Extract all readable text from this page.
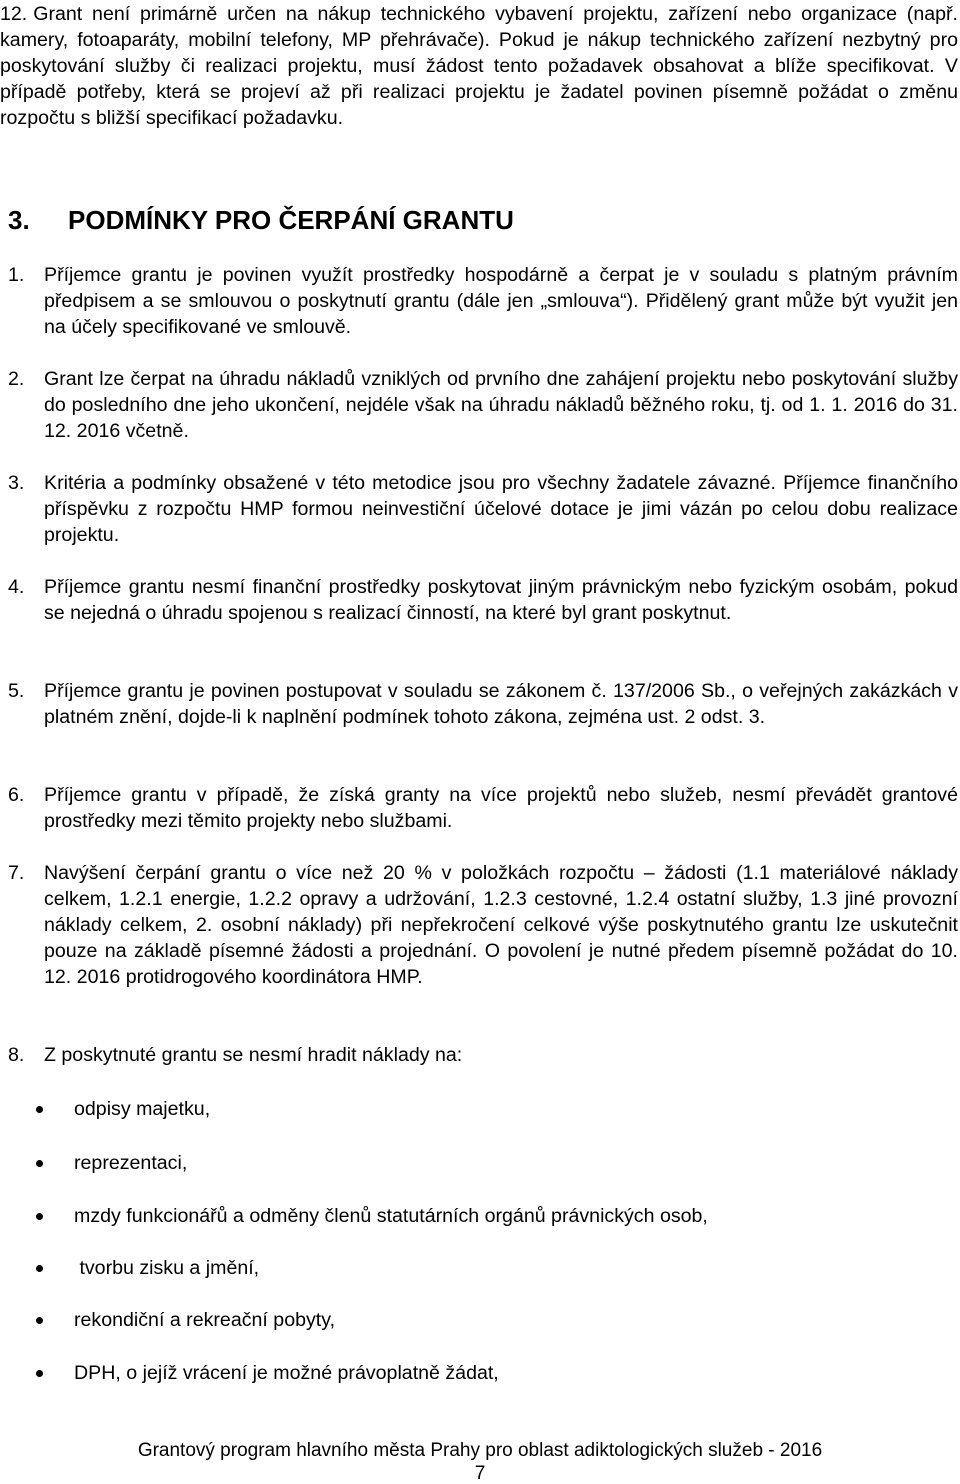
12. Grant není primárně určen na nákup technického vybavení projektu, zařízení nebo organizace (např. kamery, fotoaparáty, mobilní telefony, MP přehrávače). Pokud je nákup technického zařízení nezbytný pro poskytování služby či realizaci projektu, musí žádost tento požadavek obsahovat a blíže specifikovat. V případě potřeby, která se projeví až při realizaci projektu je žadatel povinen písemně požádat o změnu rozpočtu s bližší specifikací požadavku.
3. PODMÍNKY PRO ČERPÁNÍ GRANTU
1. Příjemce grantu je povinen využít prostředky hospodárně a čerpat je v souladu s platným právním předpisem a se smlouvou o poskytnutí grantu (dále jen „smlouva“). Přidělený grant může být využit jen na účely specifikované ve smlouvě.
2. Grant lze čerpat na úhradu nákladů vzniklých od prvního dne zahájení projektu nebo poskytování služby do posledního dne jeho ukončení, nejdéle však na úhradu nákladů běžného roku, tj. od 1. 1. 2016 do 31. 12. 2016 včetně.
3. Kritéria a podmínky obsažené v této metodice jsou pro všechny žadatele závazné. Příjemce finančního příspěvku z rozpočtu HMP formou neinvestiční účelové dotace je jimi vázán po celou dobu realizace projektu.
4. Příjemce grantu nesmí finanční prostředky poskytovat jiným právnickým nebo fyzickým osobám, pokud se nejedná o úhradu spojenou s realizací činností, na které byl grant poskytnut.
5. Příjemce grantu je povinen postupovat v souladu se zákonem č. 137/2006 Sb., o veřejných zakázkách v platném znění, dojde-li k naplnění podmínek tohoto zákona, zejména ust. 2 odst. 3.
6. Příjemce grantu v případě, že získá granty na více projektů nebo služeb, nesmí převádět grantové prostředky mezi těmito projekty nebo službami.
7. Navýšení čerpání grantu o více než 20 % v položkách rozpočtu – žádosti (1.1 materiálové náklady celkem, 1.2.1 energie, 1.2.2 opravy a udržování, 1.2.3 cestovné, 1.2.4 ostatní služby, 1.3 jiné provozní náklady celkem, 2. osobní náklady) při nepřekročení celkové výše poskytnutého grantu lze uskutečnit pouze na základě písemné žádosti a projednání. O povolení je nutné předem písemně požádat do 10. 12. 2016 protidrogového koordinátora HMP.
8. Z poskytnuté grantu se nesmí hradit náklady na:
odpisy majetku,
reprezentaci,
mzdy funkcionářů a odměny členů statutárních orgánů právnických osob,
tvorbu zisku a jmění,
rekondiční a rekreační pobyty,
DPH, o jejíž vrácení je možné právoplatně žádat,
Grantový program hlavního města Prahy pro oblast adiktologických služeb - 2016
7
